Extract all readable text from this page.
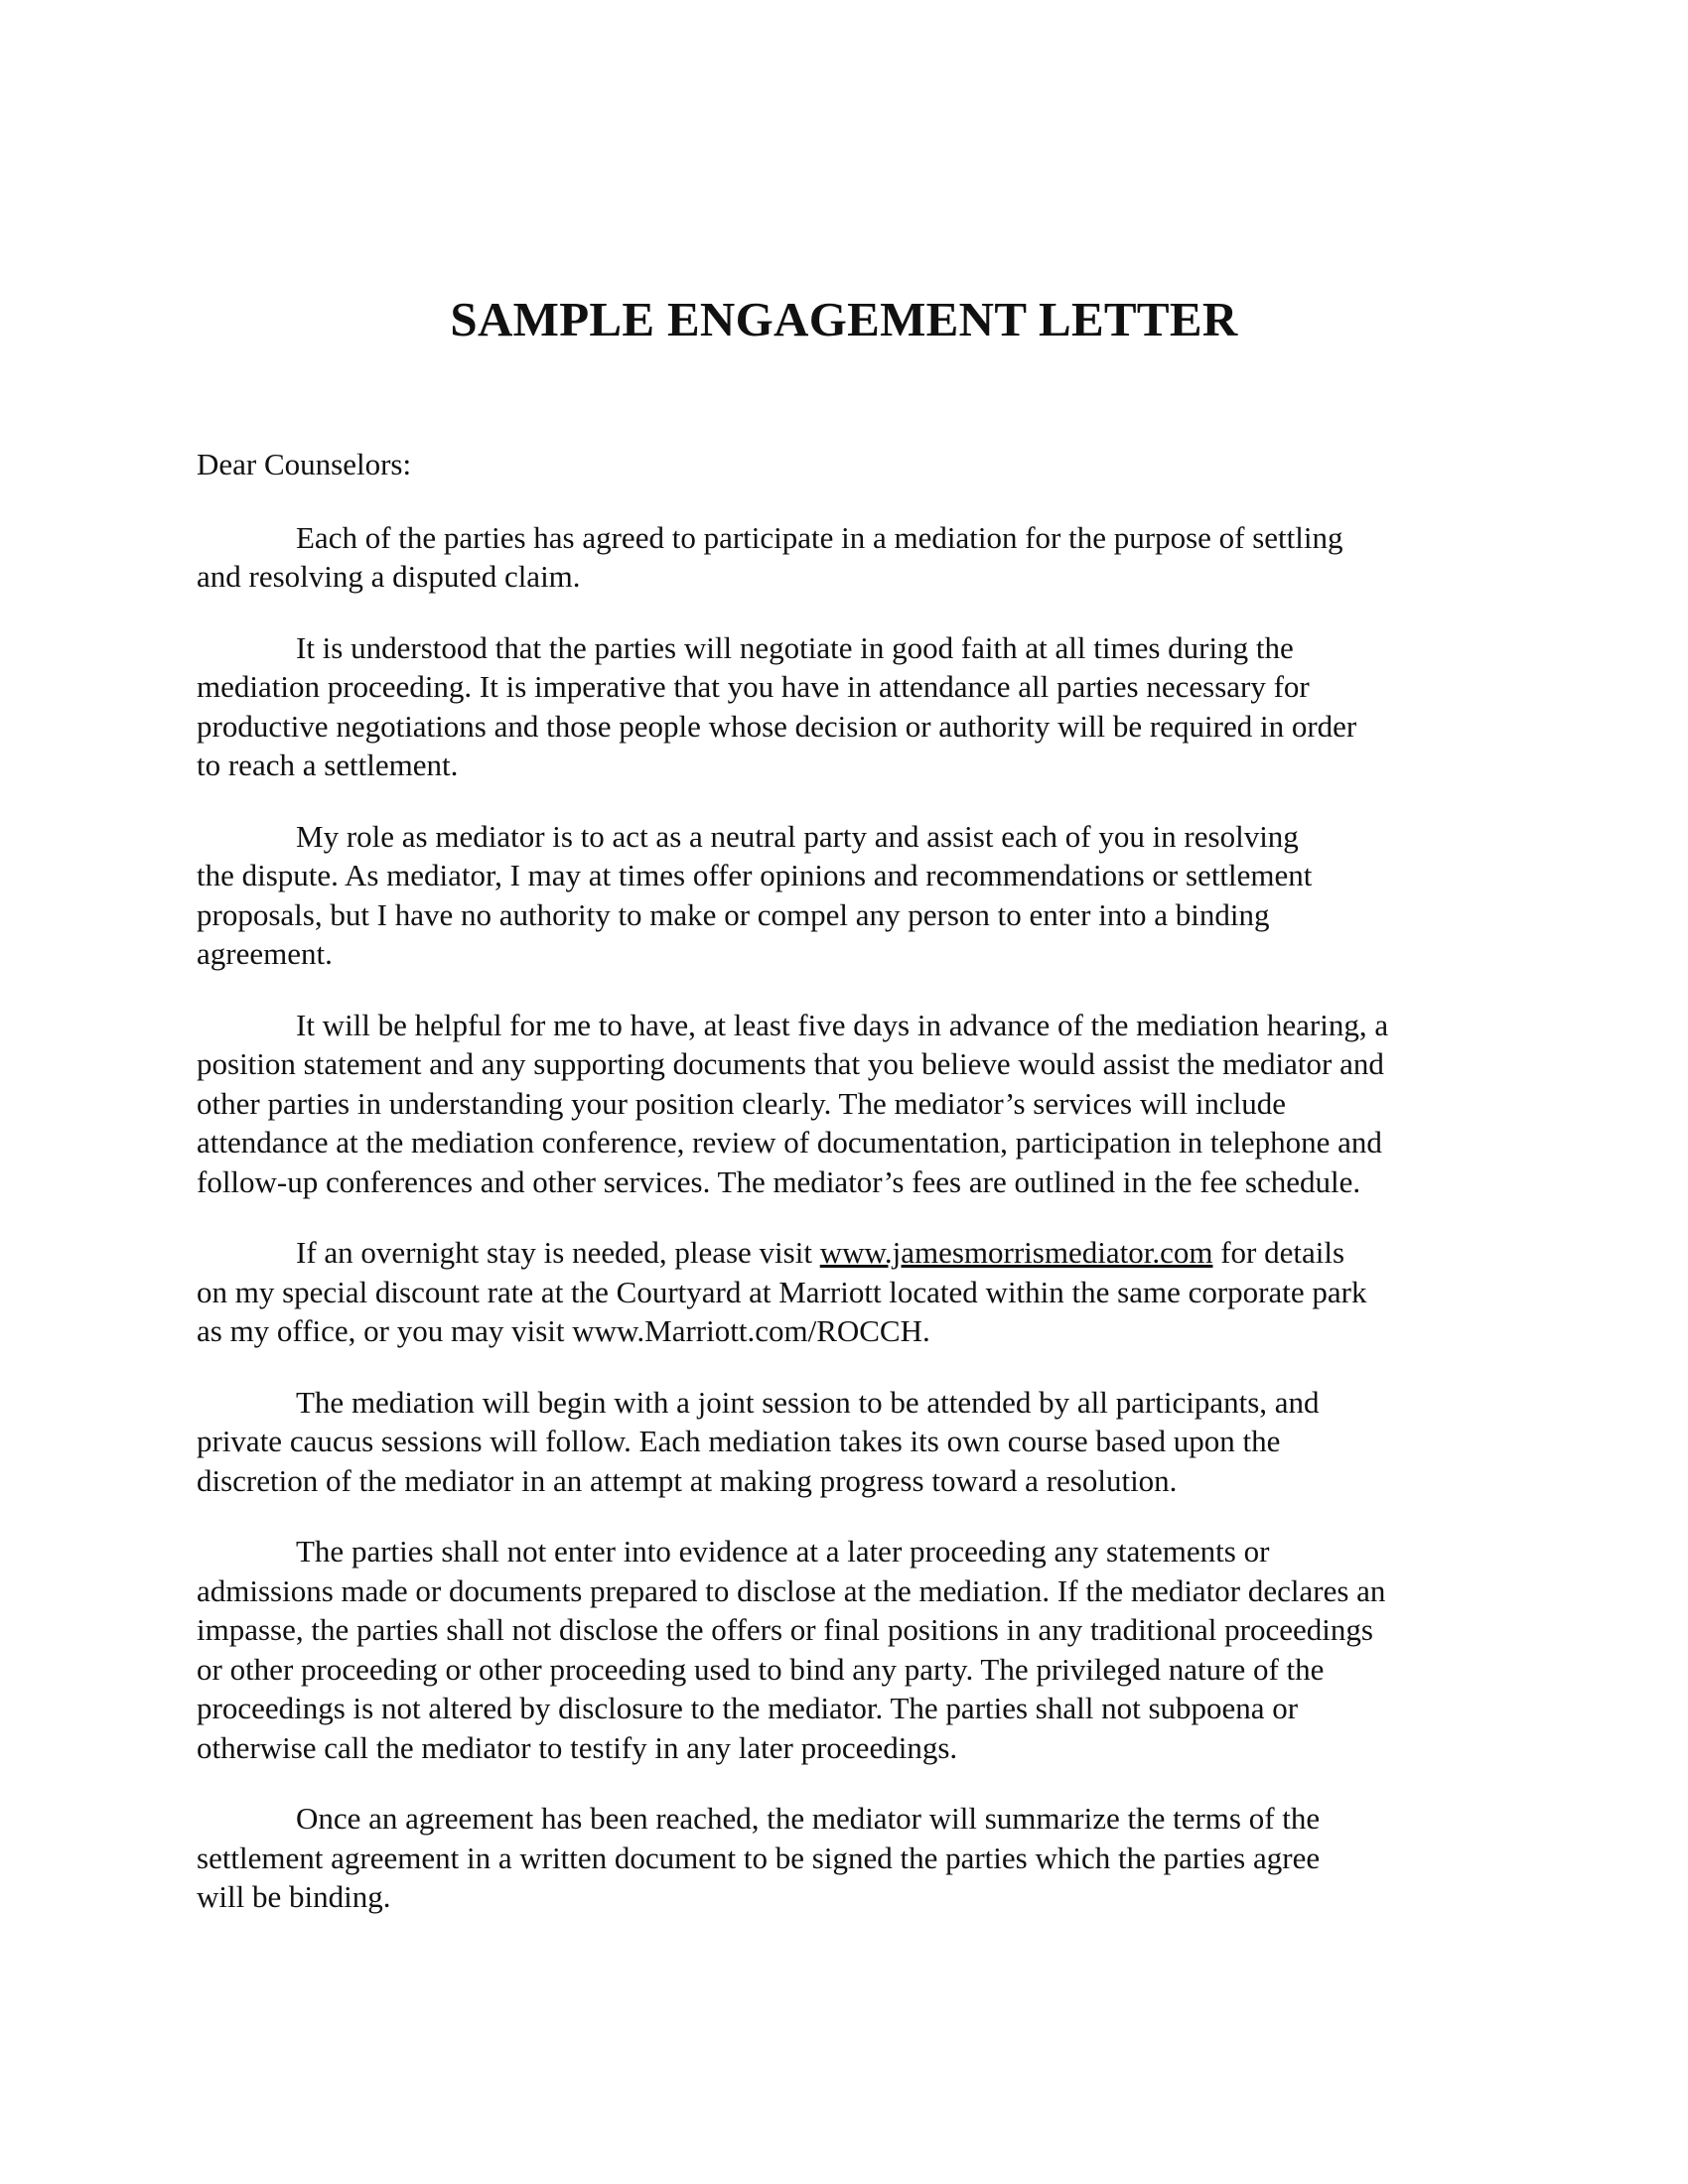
SAMPLE ENGAGEMENT LETTER

Dear Counselors:

Each of the parties has agreed to participate in a mediation for the purpose of settling
and resolving a disputed claim.

It is understood that the parties will negotiate in good faith at all times during the
mediation proceeding. It is imperative that you have in attendance all parties necessary for
productive negotiations and those people whose decision or authority will be required in order
to reach a settlement.

My role as mediator is to act as a neutral party and assist each of you in resolving
the dispute. As mediator, I may at times offer opinions and recommendations or settlement
proposals, but I have no authority to make or compel any person to enter into a binding
agreement.

It will be helpful for me to have, at least five days in advance of the mediation hearing, a
position statement and any supporting documents that you believe would assist the mediator and
other parties in understanding your position clearly. The mediator’s services will include
attendance at the mediation conference, review of documentation, participation in telephone and
follow-up conferences and other services. The mediator’s fees are outlined in the fee schedule.

If an overnight stay is needed, please visit www.jamesmorrismediator.com for details
on my special discount rate at the Courtyard at Marriott located within the same corporate park
as my office, or you may visit www.Marriott.com/ROCCH.

The mediation will begin with a joint session to be attended by all participants, and
private caucus sessions will follow. Each mediation takes its own course based upon the
discretion of the mediator in an attempt at making progress toward a resolution.

The parties shall not enter into evidence at a later proceeding any statements or
admissions made or documents prepared to disclose at the mediation. If the mediator declares an
impasse, the parties shall not disclose the offers or final positions in any traditional proceedings
or other proceeding or other proceeding used to bind any party. The privileged nature of the
proceedings is not altered by disclosure to the mediator. The parties shall not subpoena or
otherwise call the mediator to testify in any later proceedings.

Once an agreement has been reached, the mediator will summarize the terms of the
settlement agreement in a written document to be signed the parties which the parties agree
will be binding.
